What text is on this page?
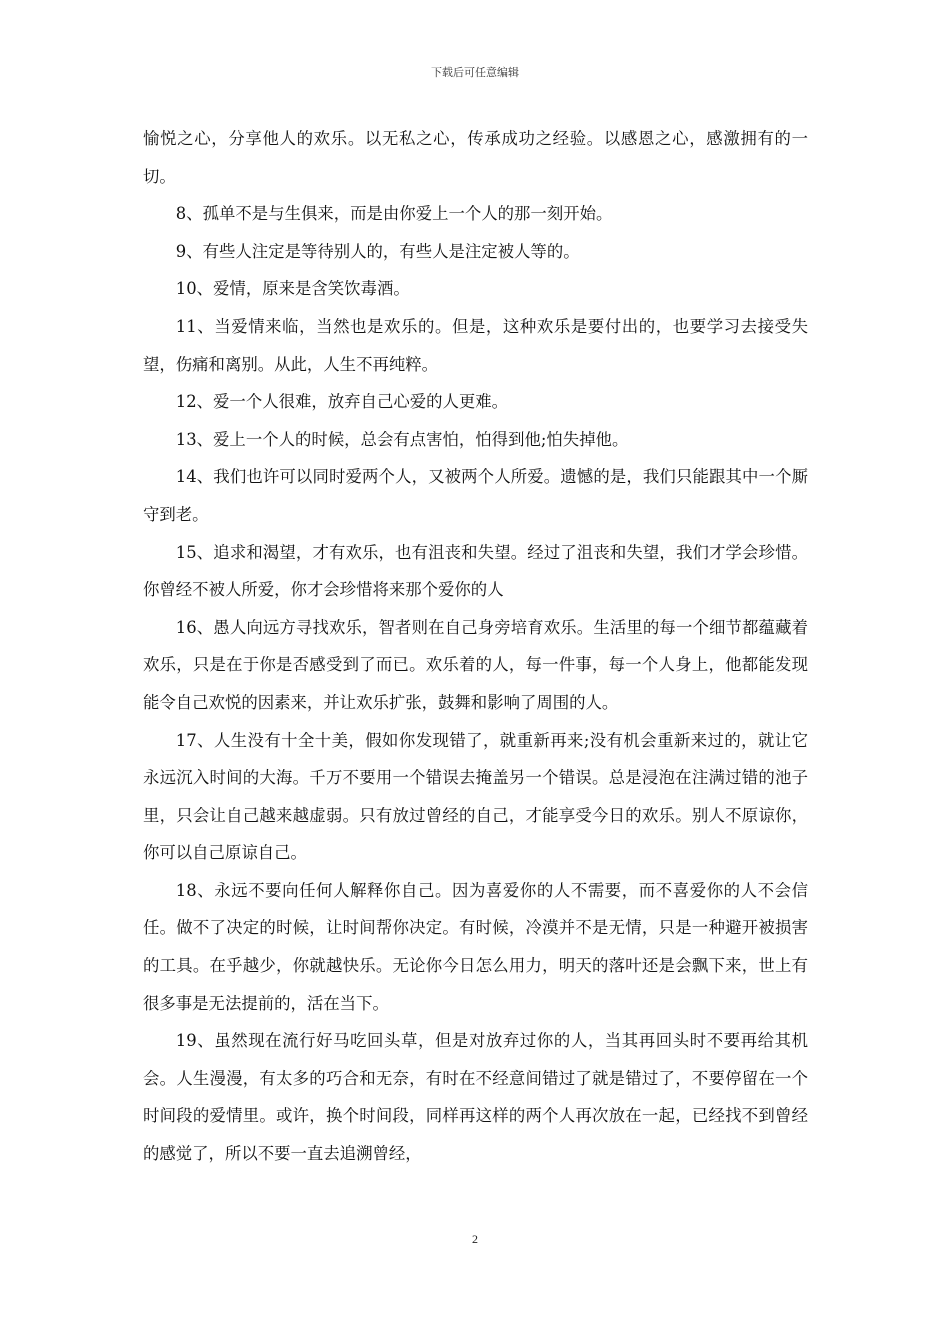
下载后可任意编辑

愉悦之心，分享他人的欢乐。以无私之心，传承成功之经验。以感恩之心，感激拥有的一切。

8、孤单不是与生俱来，而是由你爱上一个人的那一刻开始。

9、有些人注定是等待别人的，有些人是注定被人等的。

10、爱情，原来是含笑饮毒酒。

11、当爱情来临，当然也是欢乐的。但是，这种欢乐是要付出的，也要学习去接受失望，伤痛和离别。从此，人生不再纯粹。

12、爱一个人很难，放弃自己心爱的人更难。

13、爱上一个人的时候，总会有点害怕，怕得到他;怕失掉他。

14、我们也许可以同时爱两个人，又被两个人所爱。遗憾的是，我们只能跟其中一个厮守到老。

15、追求和渴望，才有欢乐，也有沮丧和失望。经过了沮丧和失望，我们才学会珍惜。你曾经不被人所爱，你才会珍惜将来那个爱你的人

16、愚人向远方寻找欢乐，智者则在自己身旁培育欢乐。生活里的每一个细节都蕴藏着欢乐，只是在于你是否感受到了而已。欢乐着的人，每一件事，每一个人身上，他都能发现能令自己欢悦的因素来，并让欢乐扩张，鼓舞和影响了周围的人。

17、人生没有十全十美，假如你发现错了，就重新再来;没有机会重新来过的，就让它永远沉入时间的大海。千万不要用一个错误去掩盖另一个错误。总是浸泡在注满过错的池子里，只会让自己越来越虚弱。只有放过曾经的自己，才能享受今日的欢乐。别人不原谅你，你可以自己原谅自己。

18、永远不要向任何人解释你自己。因为喜爱你的人不需要，而不喜爱你的人不会信任。做不了决定的时候，让时间帮你决定。有时候，冷漠并不是无情，只是一种避开被损害的工具。在乎越少，你就越快乐。无论你今日怎么用力，明天的落叶还是会飘下来，世上有很多事是无法提前的，活在当下。

19、虽然现在流行好马吃回头草，但是对放弃过你的人，当其再回头时不要再给其机会。人生漫漫，有太多的巧合和无奈，有时在不经意间错过了就是错过了，不要停留在一个时间段的爱情里。或许，换个时间段，同样再这样的两个人再次放在一起，已经找不到曾经的感觉了，所以不要一直去追溯曾经，

2
